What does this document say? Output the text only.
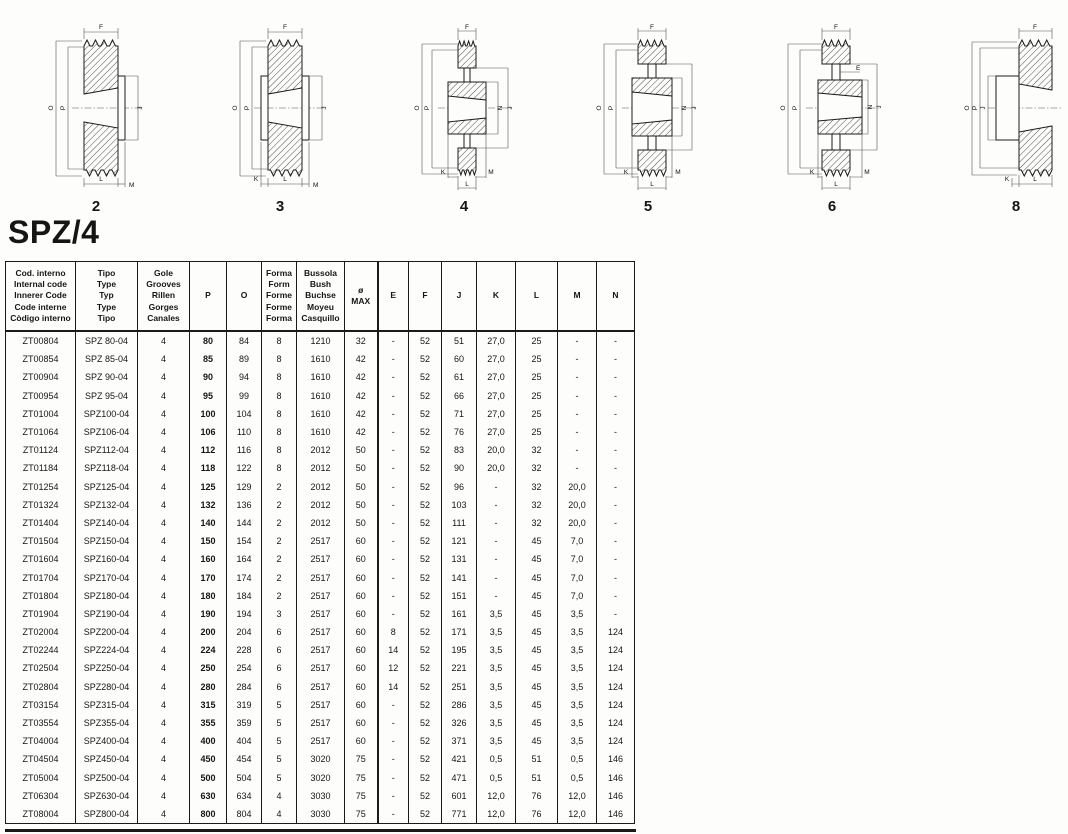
F
O P	J
L
M
2
F
O P	J
K	L
M
3
F
O P	N J
K	M
L
4
F
O P	N J
K	M
L
5
F
E
O P	N J
K	M
L
6
F
O P J
K	L
8
SPZ/4
Cod. interno
Internal code
Innerer Code
Code interne
Còdigo interno	Tipo
Type
Typ
Type
Tipo	Gole
Grooves
Rillen
Gorges
Canales	P	O	Forma
Form
Forme
Forme
Forma	Bussola
Bush
Buchse
Moyeu
Casquillo	ø
MAX	E	F	J	K	L	M	N
ZT00804	SPZ 80-04	4	80	84	8	1210	32	-	52	51	27,0	25	-	-
ZT00854	SPZ 85-04	4	85	89	8	1610	42	-	52	60	27,0	25	-	-
ZT00904	SPZ 90-04	4	90	94	8	1610	42	-	52	61	27,0	25	-	-
ZT00954	SPZ 95-04	4	95	99	8	1610	42	-	52	66	27,0	25	-	-
ZT01004	SPZ100-04	4	100	104	8	1610	42	-	52	71	27,0	25	-	-
ZT01064	SPZ106-04	4	106	110	8	1610	42	-	52	76	27,0	25	-	-
ZT01124	SPZ112-04	4	112	116	8	2012	50	-	52	83	20,0	32	-	-
ZT01184	SPZ118-04	4	118	122	8	2012	50	-	52	90	20,0	32	-	-
ZT01254	SPZ125-04	4	125	129	2	2012	50	-	52	96	-	32	20,0	-
ZT01324	SPZ132-04	4	132	136	2	2012	50	-	52	103	-	32	20,0	-
ZT01404	SPZ140-04	4	140	144	2	2012	50	-	52	111	-	32	20,0	-
ZT01504	SPZ150-04	4	150	154	2	2517	60	-	52	121	-	45	7,0	-
ZT01604	SPZ160-04	4	160	164	2	2517	60	-	52	131	-	45	7,0	-
ZT01704	SPZ170-04	4	170	174	2	2517	60	-	52	141	-	45	7,0	-
ZT01804	SPZ180-04	4	180	184	2	2517	60	-	52	151	-	45	7,0	-
ZT01904	SPZ190-04	4	190	194	3	2517	60	-	52	161	3,5	45	3,5	-
ZT02004	SPZ200-04	4	200	204	6	2517	60	8	52	171	3,5	45	3,5	124
ZT02244	SPZ224-04	4	224	228	6	2517	60	14	52	195	3,5	45	3,5	124
ZT02504	SPZ250-04	4	250	254	6	2517	60	12	52	221	3,5	45	3,5	124
ZT02804	SPZ280-04	4	280	284	6	2517	60	14	52	251	3,5	45	3,5	124
ZT03154	SPZ315-04	4	315	319	5	2517	60	-	52	286	3,5	45	3,5	124
ZT03554	SPZ355-04	4	355	359	5	2517	60	-	52	326	3,5	45	3,5	124
ZT04004	SPZ400-04	4	400	404	5	2517	60	-	52	371	3,5	45	3,5	124
ZT04504	SPZ450-04	4	450	454	5	3020	75	-	52	421	0,5	51	0,5	146
ZT05004	SPZ500-04	4	500	504	5	3020	75	-	52	471	0,5	51	0,5	146
ZT06304	SPZ630-04	4	630	634	4	3030	75	-	52	601	12,0	76	12,0	146
ZT08004	SPZ800-04	4	800	804	4	3030	75	-	52	771	12,0	76	12,0	146
